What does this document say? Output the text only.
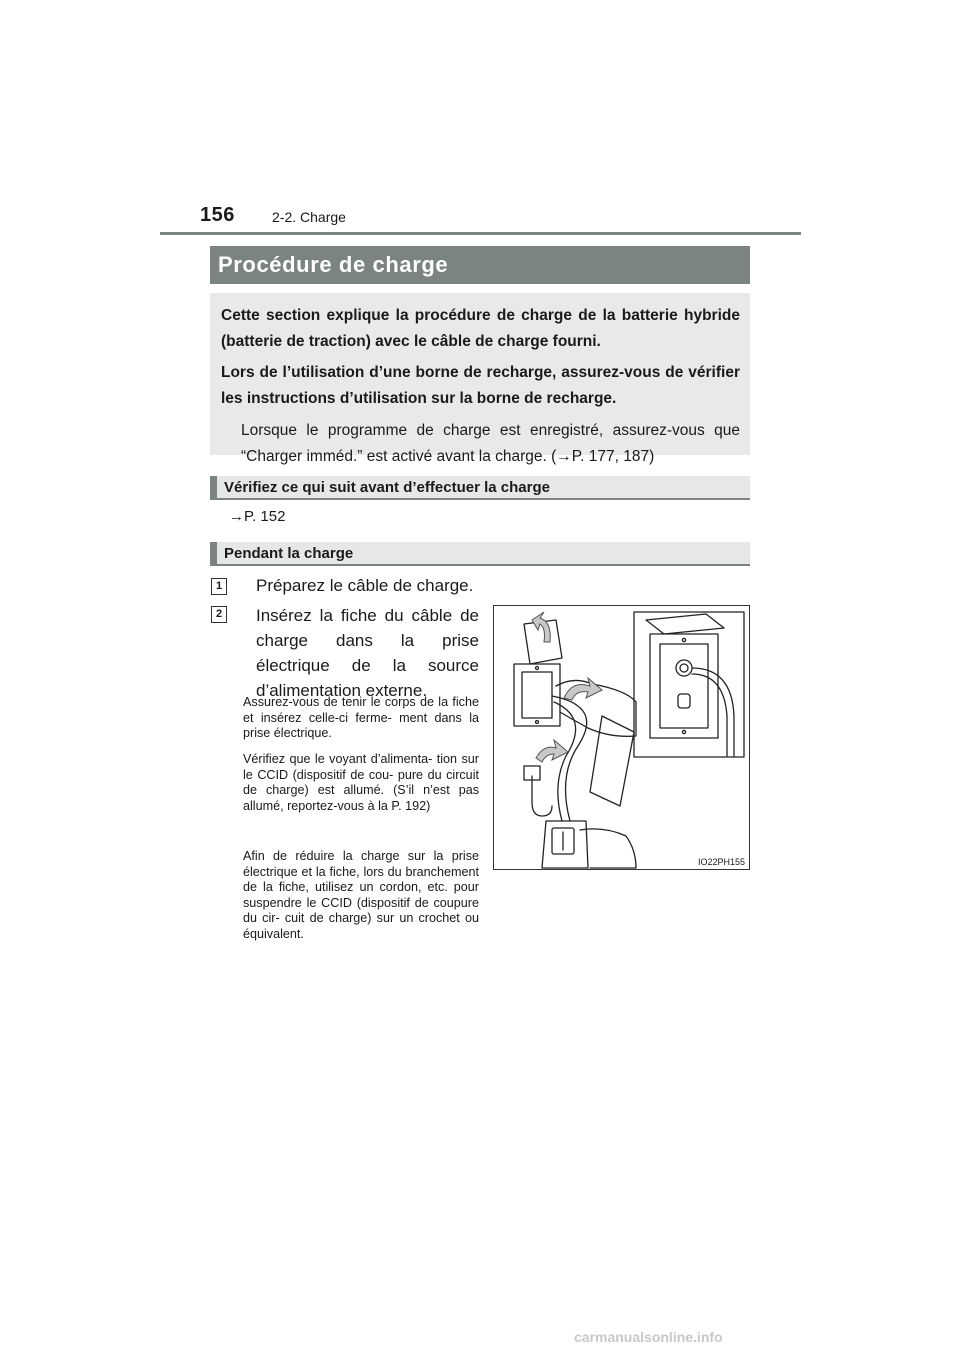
156	2-2. Charge
Procédure de charge

Cette section explique la procédure de charge de la batterie hybride (batterie de traction) avec le câble de charge fourni.

Lors de l’utilisation d’une borne de recharge, assurez-vous de vérifier les instructions d’utilisation sur la borne de recharge.

Lorsque le programme de charge est enregistré, assurez-vous que “Charger imméd.” est activé avant la charge. (→P. 177, 187)

Vérifiez ce qui suit avant d’effectuer la charge
→P. 152
Pendant la charge
1 Préparez le câble de charge.
2	Insérez la fiche du câble de charge dans la prise électrique de la source d’alimentation externe.

Assurez-vous de tenir le corps de la fiche et insérez celle-ci ferme- ment dans la prise électrique.

Vérifiez que le voyant d’alimenta- tion sur le CCID (dispositif de cou- pure du circuit de charge) est allumé. (S’il n’est pas allumé, reportez-vous à la P. 192)

Afin de réduire la charge sur la prise électrique et la fiche, lors du branchement de la fiche, utilisez un cordon, etc. pour suspendre le CCID (dispositif de coupure du cir- cuit de charge) sur un crochet ou équivalent.

IO22PH155
carmanualsonline.info
